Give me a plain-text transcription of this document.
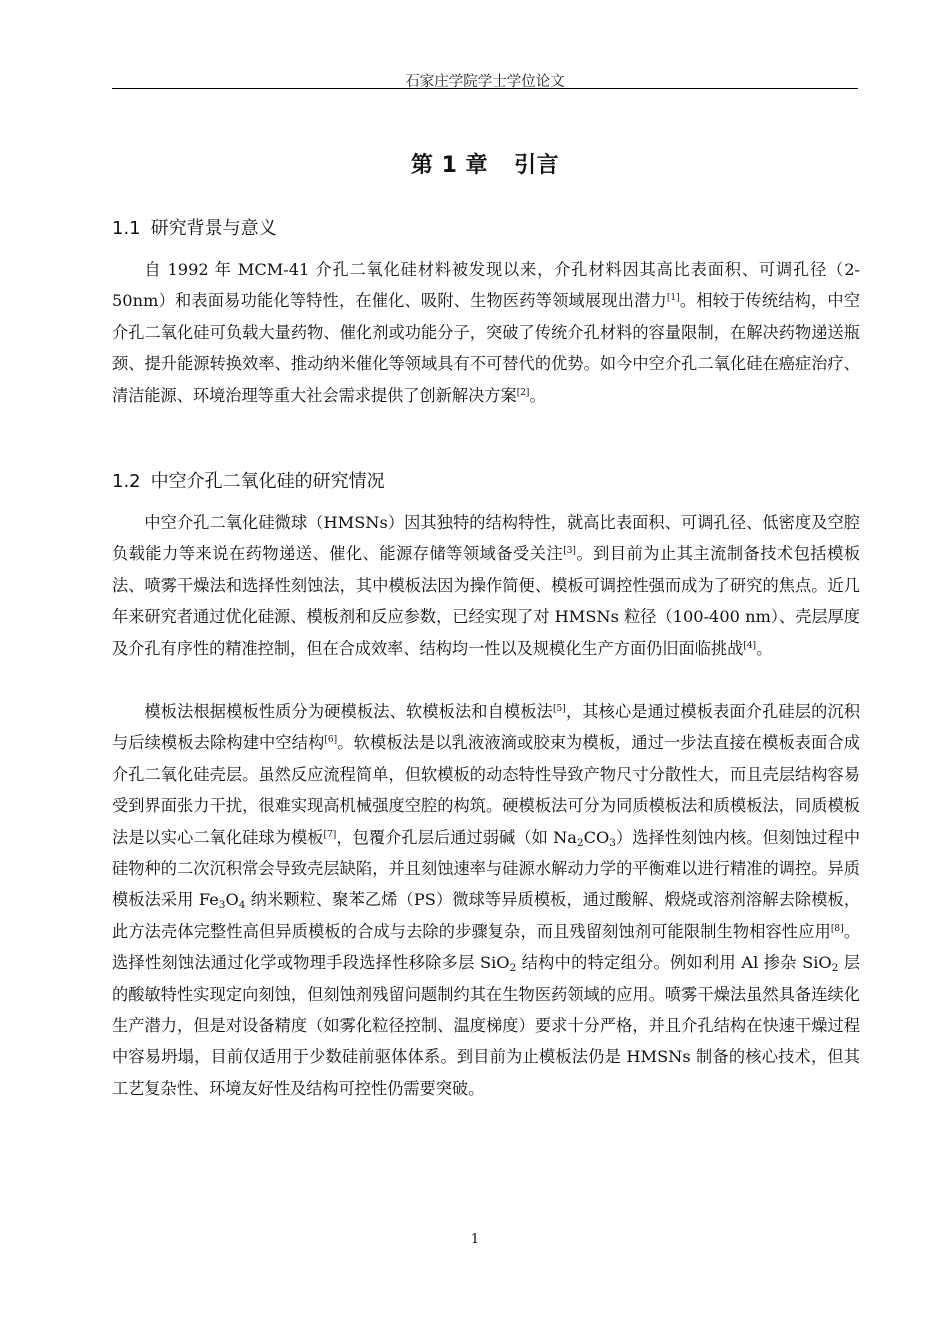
石家庄学院学士学位论文
第 1 章 引言
1.1 研究背景与意义

自 1992 年 MCM-41 介孔二氧化硅材料被发现以来，介孔材料因其高比表面积、可调孔径（2-50nm）和表面易功能化等特性，在催化、吸附、生物医药等领域展现出潜力[1]。相较于传统结构，中空介孔二氧化硅可负载大量药物、催化剂或功能分子，突破了传统介孔材料的容量限制，在解决药物递送瓶颈、提升能源转换效率、推动纳米催化等领域具有不可替代的优势。如今中空介孔二氧化硅在癌症治疗、清洁能源、环境治理等重大社会需求提供了创新解决方案[2]。

1.2 中空介孔二氧化硅的研究情况

中空介孔二氧化硅微球（HMSNs）因其独特的结构特性，就高比表面积、可调孔径、低密度及空腔负载能力等来说在药物递送、催化、能源存储等领域备受关注[3]。到目前为止其主流制备技术包括模板法、喷雾干燥法和选择性刻蚀法，其中模板法因为操作简便、模板可调控性强而成为了研究的焦点。近几年来研究者通过优化硅源、模板剂和反应参数，已经实现了对 HMSNs 粒径（100-400 nm）、壳层厚度及介孔有序性的精准控制，但在合成效率、结构均一性以及规模化生产方面仍旧面临挑战[4]。

模板法根据模板性质分为硬模板法、软模板法和自模板法[5]，其核心是通过模板表面介孔硅层的沉积与后续模板去除构建中空结构[6]。软模板法是以乳液液滴或胶束为模板，通过一步法直接在模板表面合成介孔二氧化硅壳层。虽然反应流程简单，但软模板的动态特性导致产物尺寸分散性大，而且壳层结构容易受到界面张力干扰，很难实现高机械强度空腔的构筑。硬模板法可分为同质模板法和质模板法，同质模板法是以实心二氧化硅球为模板[7]，包覆介孔层后通过弱碱（如 $Na_2CO_3$）选择性刻蚀内核。但刻蚀过程中硅物种的二次沉积常会导致壳层缺陷，并且刻蚀速率与硅源水解动力学的平衡难以进行精准的调控。异质模板法采用 $Fe_3O_4$ 纳米颗粒、聚苯乙烯（PS）微球等异质模板，通过酸解、煅烧或溶剂溶解去除模板，此方法壳体完整性高但异质模板的合成与去除的步骤复杂，而且残留刻蚀剂可能限制生物相容性应用[8]。选择性刻蚀法通过化学或物理手段选择性移除多层 SiO$_2$ 结构中的特定组分。例如利用 Al 掺杂 SiO$_2$ 层的酸敏特性实现定向刻蚀，但刻蚀剂残留问题制约其在生物医药领域的应用。喷雾干燥法虽然具备连续化生产潜力，但是对设备精度（如雾化粒径控制、温度梯度）要求十分严格，并且介孔结构在快速干燥过程中容易坍塌，目前仅适用于少数硅前驱体体系。到目前为止模板法仍是 HMSNs 制备的核心技术，但其工艺复杂性、环境友好性及结构可控性仍需要突破。

1
